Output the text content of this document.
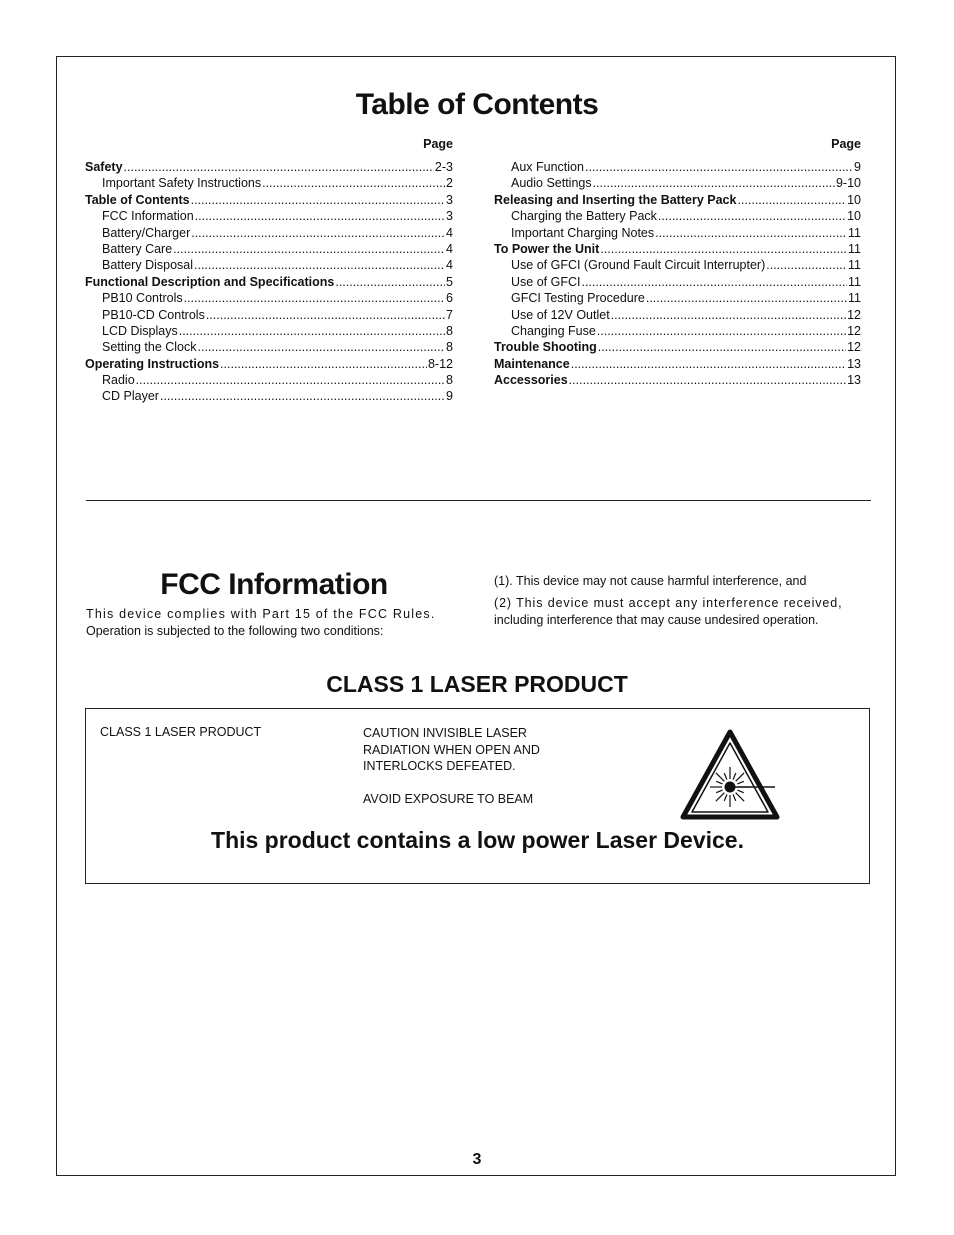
Table of Contents
Page
Safety .....	2-3
Important Safety Instructions .....	2
Table of Contents .....	3
FCC Information .....	3
Battery/Charger .....	4
Battery Care .....	4
Battery Disposal .....	4
Functional Description and Specifications .....	5
PB10 Controls .....	6
PB10-CD Controls .....	7
LCD Displays .....	8
Setting the Clock .....	8
Operating Instructions .....	8-12
Radio .....	8
CD Player .....	9
Page
Aux Function .....	9
Audio Settings .....	9-10
Releasing and Inserting the Battery Pack .....	10
Charging the Battery Pack .....	10
Important Charging Notes .....	11
To Power the Unit .....	11
Use of GFCI (Ground Fault Circuit Interrupter) .....	11
Use of GFCI .....	11
GFCI Testing Procedure .....	11
Use of 12V Outlet .....	12
Changing Fuse .....	12
Trouble Shooting .....	12
Maintenance .....	13
Accessories .....	13
FCC Information

This device complies with Part 15 of the FCC Rules.
Operation is subjected to the following two conditions:

(1). This device may not cause harmful interference, and

(2) This device must accept any interference received,
including interference that may cause undesired operation.

CLASS 1 LASER PRODUCT
CLASS 1 LASER PRODUCT	CAUTION INVISIBLE LASER

RADIATION WHEN OPEN AND

INTERLOCKS DEFEATED.

AVOID EXPOSURE TO BEAM

This product contains a low power Laser Device.
3
